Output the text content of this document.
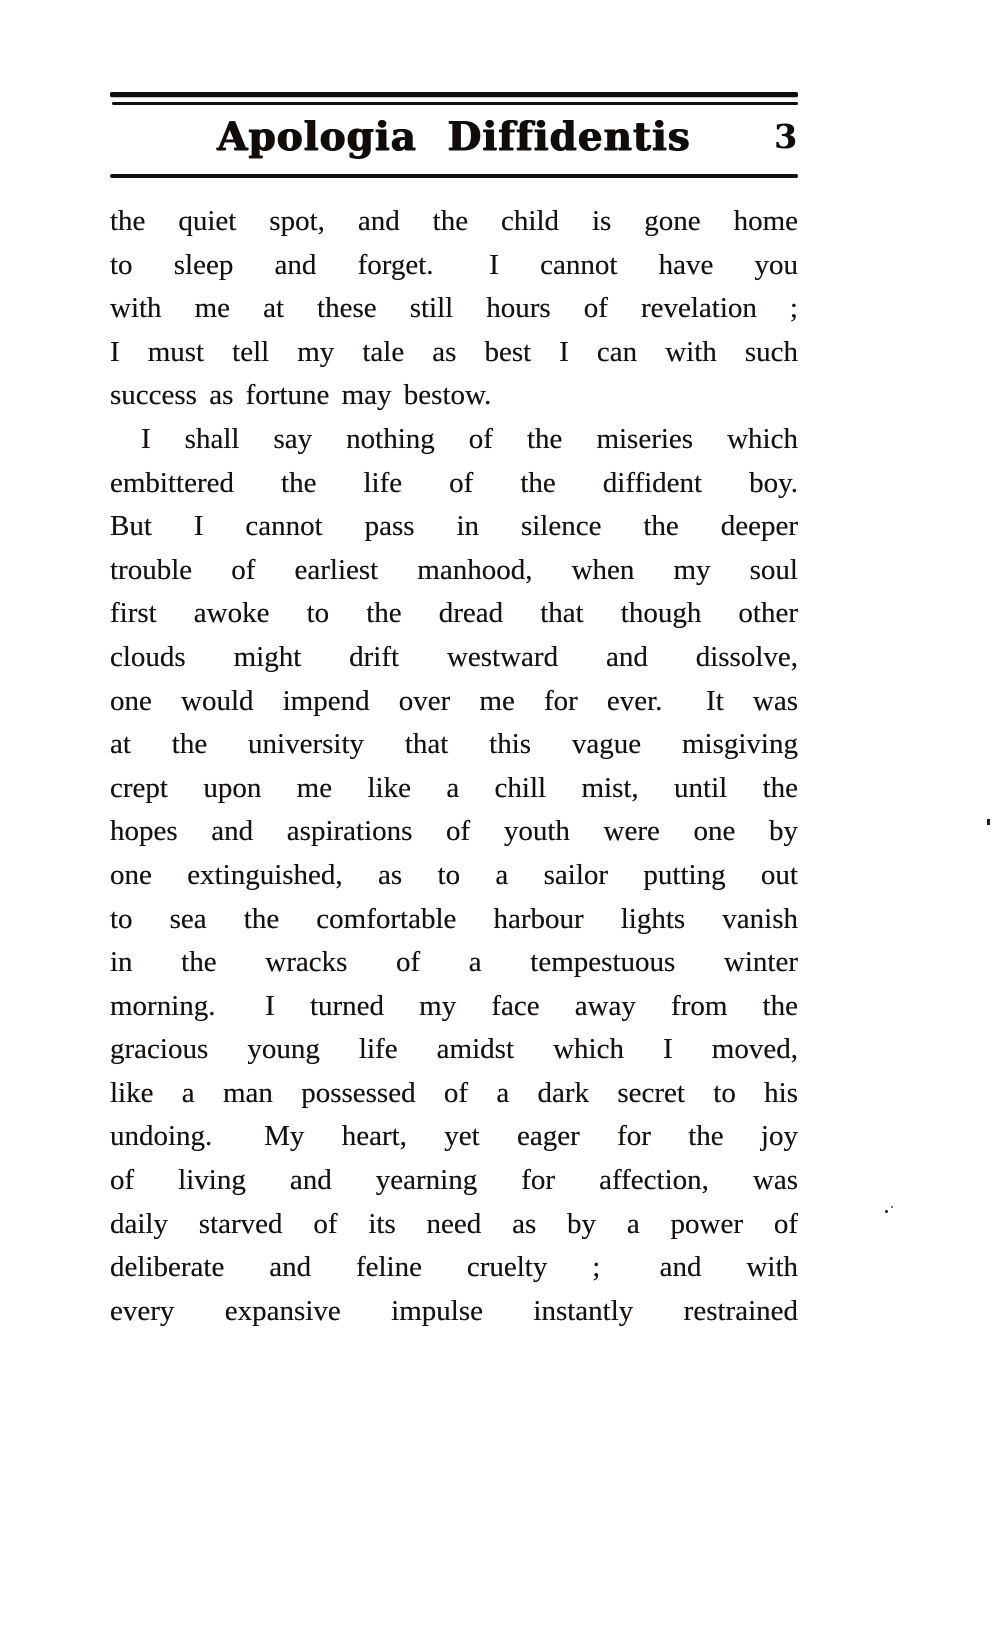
Apologia Diffidentis	3
the quiet spot, and the child is gone home
to sleep and forget.  I cannot have you
with me at these still hours of revelation ;
I must tell my tale as best I can with such
success as fortune may bestow.
I shall say nothing of the miseries which
embittered the life of the diffident boy.
But I cannot pass in silence the deeper
trouble of earliest manhood, when my soul
first awoke to the dread that though other
clouds might drift westward and dissolve,
one would impend over me for ever.  It was
at the university that this vague misgiving
crept upon me like a chill mist, until the
hopes and aspirations of youth were one by
one extinguished, as to a sailor putting out
to sea the comfortable harbour lights vanish
in the wracks of a tempestuous winter
morning.  I turned my face away from the
gracious young life amidst which I moved,
like a man possessed of a dark secret to his
undoing.  My heart, yet eager for the joy
of living and yearning for affection, was
daily starved of its need as by a power of
deliberate and feline cruelty ;  and with
every expansive impulse instantly restrained
